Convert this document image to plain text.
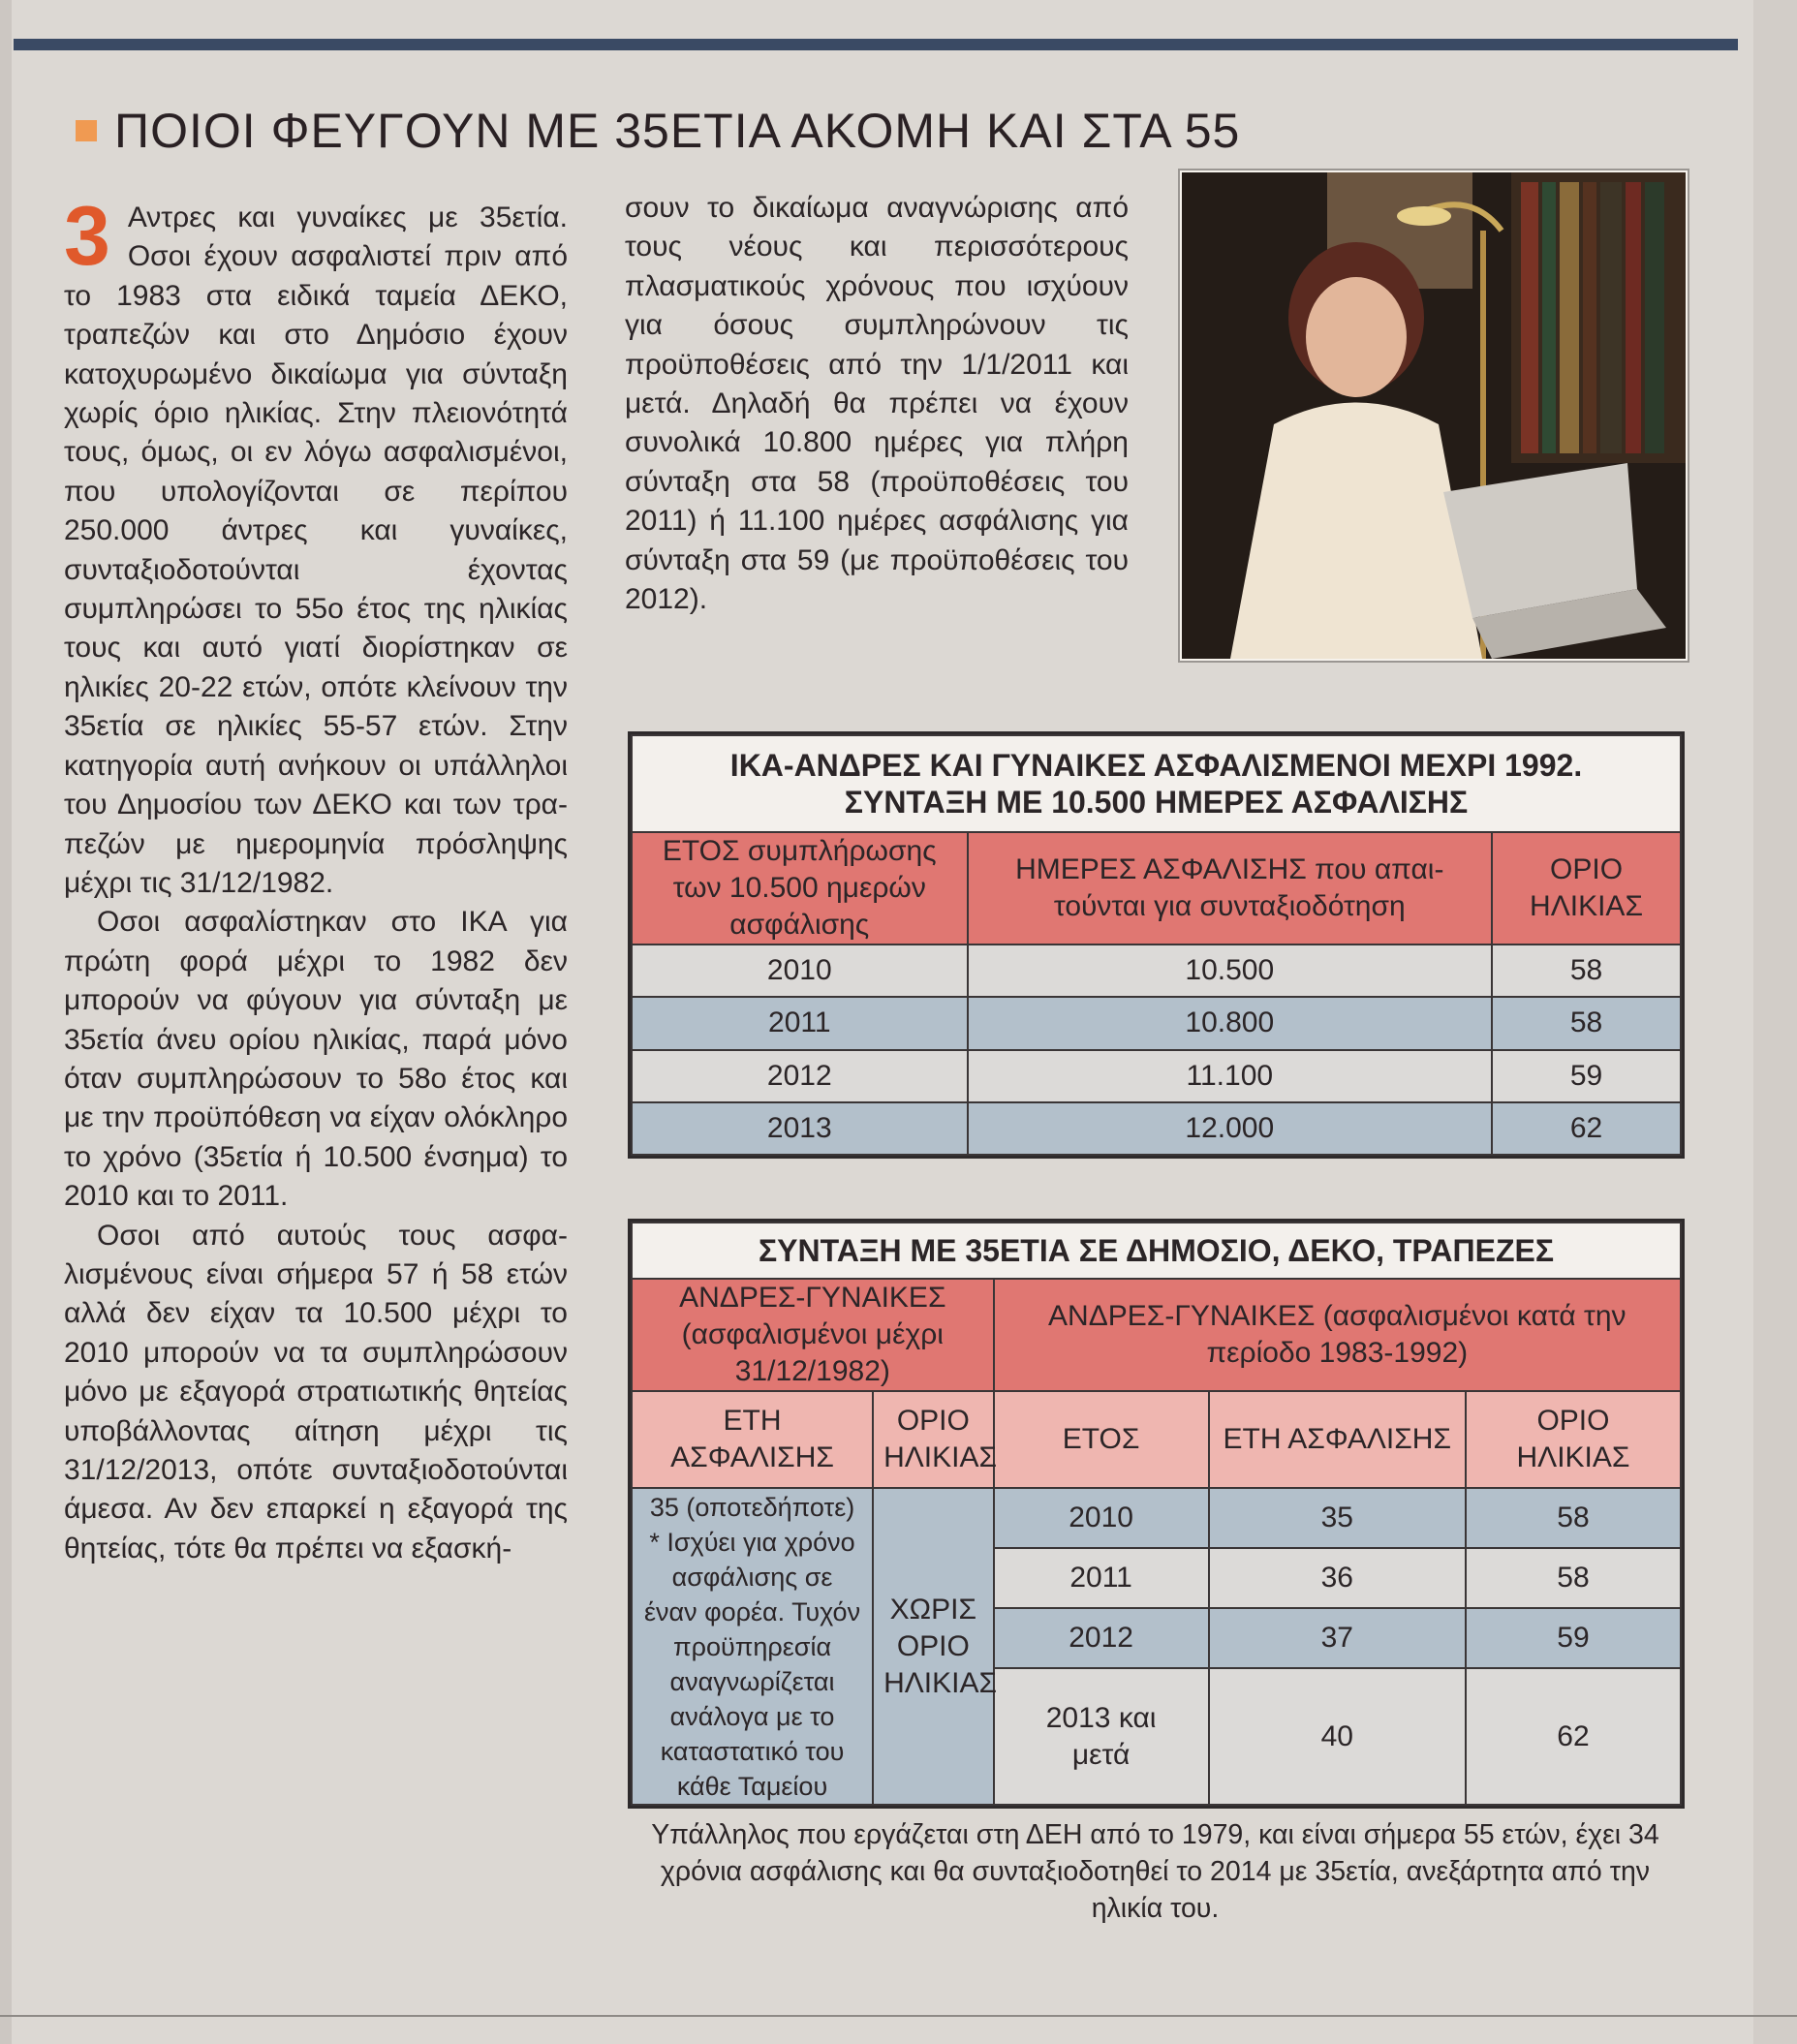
ΠΟΙΟΙ ΦΕΥΓΟΥΝ ΜΕ 35ΕΤΙΑ ΑΚΟΜΗ ΚΑΙ ΣΤΑ 55

3 Αντρες και γυναίκες με 35ετία. Οσοι έχουν ασφαλιστεί πριν από το 1983 στα ειδικά ταμεία ΔΕΚΟ, τραπεζών και στο Δημόσιο έχουν κατοχυρωμένο δικαίωμα για σύνταξη χωρίς όριο ηλικίας. Στην πλειονότητά τους, όμως, οι εν λόγω ασφαλισμένοι, που υπολογίζονται σε περίπου 250.000 άντρες και γυναίκες, συνταξιοδοτούνται έχοντας συμπληρώσει το 55ο έτος της ηλικίας τους και αυτό γιατί διορίστηκαν σε ηλικίες 20-22 ετών, οπότε κλείνουν την 35ετία σε ηλικίες 55-57 ετών. Στην κατηγορία αυτή ανήκουν οι υπάλληλοι του Δημοσίου των ΔΕΚΟ και των τραπεζών με ημερομηνία πρόσληψης μέχρι τις 31/12/1982.

Οσοι ασφαλίστηκαν στο ΙΚΑ για πρώτη φορά μέχρι το 1982 δεν μπορούν να φύγουν για σύνταξη με 35ετία άνευ ορίου ηλικίας, παρά μόνο όταν συμπληρώσουν το 58ο έτος και με την προϋπόθεση να είχαν ολόκληρο το χρόνο (35ετία ή 10.500 ένσημα) το 2010 και το 2011.

Οσοι από αυτούς τους ασφαλισμένους είναι σήμερα 57 ή 58 ετών αλλά δεν είχαν τα 10.500 μέχρι το 2010 μπορούν να τα συμπληρώσουν μόνο με εξαγορά στρατιωτικής θητείας υποβάλλοντας αίτηση μέχρι τις 31/12/2013, οπότε συνταξιοδοτούνται άμεσα. Αν δεν επαρκεί η εξαγορά της θητείας, τότε θα πρέπει να εξασκή-

σουν το δικαίωμα αναγνώρισης από τους νέους και περισσότερους πλασματικούς χρόνους που ισχύουν για όσους συμπληρώνουν τις προϋποθέσεις από την 1/1/2011 και μετά. Δηλαδή θα πρέπει να έχουν συνολικά 10.800 ημέρες για πλήρη σύνταξη στα 58 (προϋποθέσεις του 2011) ή 11.100 ημέρες ασφάλισης για σύνταξη στα 59 (με προϋποθέσεις του 2012).

ΙΚΑ-ΑΝΔΡΕΣ ΚΑΙ ΓΥΝΑΙΚΕΣ ΑΣΦΑΛΙΣΜΕΝΟΙ ΜΕΧΡΙ 1992.
ΣΥΝΤΑΞΗ ΜΕ 10.500 ΗΜΕΡΕΣ ΑΣΦΑΛΙΣΗΣ		

ΕΤΟΣ συμπλήρωσης των 10.500 ημερών ασφάλισης	ΗΜΕΡΕΣ ΑΣΦΑΛΙΣΗΣ που απαιτούνται για συνταξιοδότηση	ΟΡΙΟ ΗΛΙΚΙΑΣ
2010	10.500	58
2011	10.800	58
2012	11.100	59
2013	12.000	62
ΣΥΝΤΑΞΗ ΜΕ 35ΕΤΙΑ ΣΕ ΔΗΜΟΣΙΟ, ΔΕΚΟ, ΤΡΑΠΕΖΕΣ				
ΑΝΔΡΕΣ-ΓΥΝΑΙΚΕΣ (ασφαλισμένοι μέχρι 31/12/1982)		ΑΝΔΡΕΣ-ΓΥΝΑΙΚΕΣ (ασφαλισμένοι κατά την περίοδο 1983-1992)		
ΕΤΗ ΑΣΦΑΛΙΣΗΣ	ΟΡΙΟ ΗΛΙΚΙΑΣ	ΕΤΟΣ	ΕΤΗ ΑΣΦΑΛΙΣΗΣ	ΟΡΙΟ ΗΛΙΚΙΑΣ
35 (οποτεδήποτε) * Ισχύει για χρόνο ασφάλισης σε έναν φορέα. Τυχόν προϋπηρεσία αναγνωρίζεται ανάλογα με το καταστατικό του κάθε Ταμείου	ΧΩΡΙΣ ΟΡΙΟ ΗΛΙΚΙΑΣ	2010	35	58
		2011	36	58
		2012	37	59
		2013 και μετά	40	62
Υπάλληλος που εργάζεται στη ΔΕΗ από το 1979, και είναι σήμερα 55 ετών, έχει 34 χρόνια ασφάλισης και θα συνταξιοδοτηθεί το 2014 με 35ετία, ανεξάρτητα από την ηλικία του.
